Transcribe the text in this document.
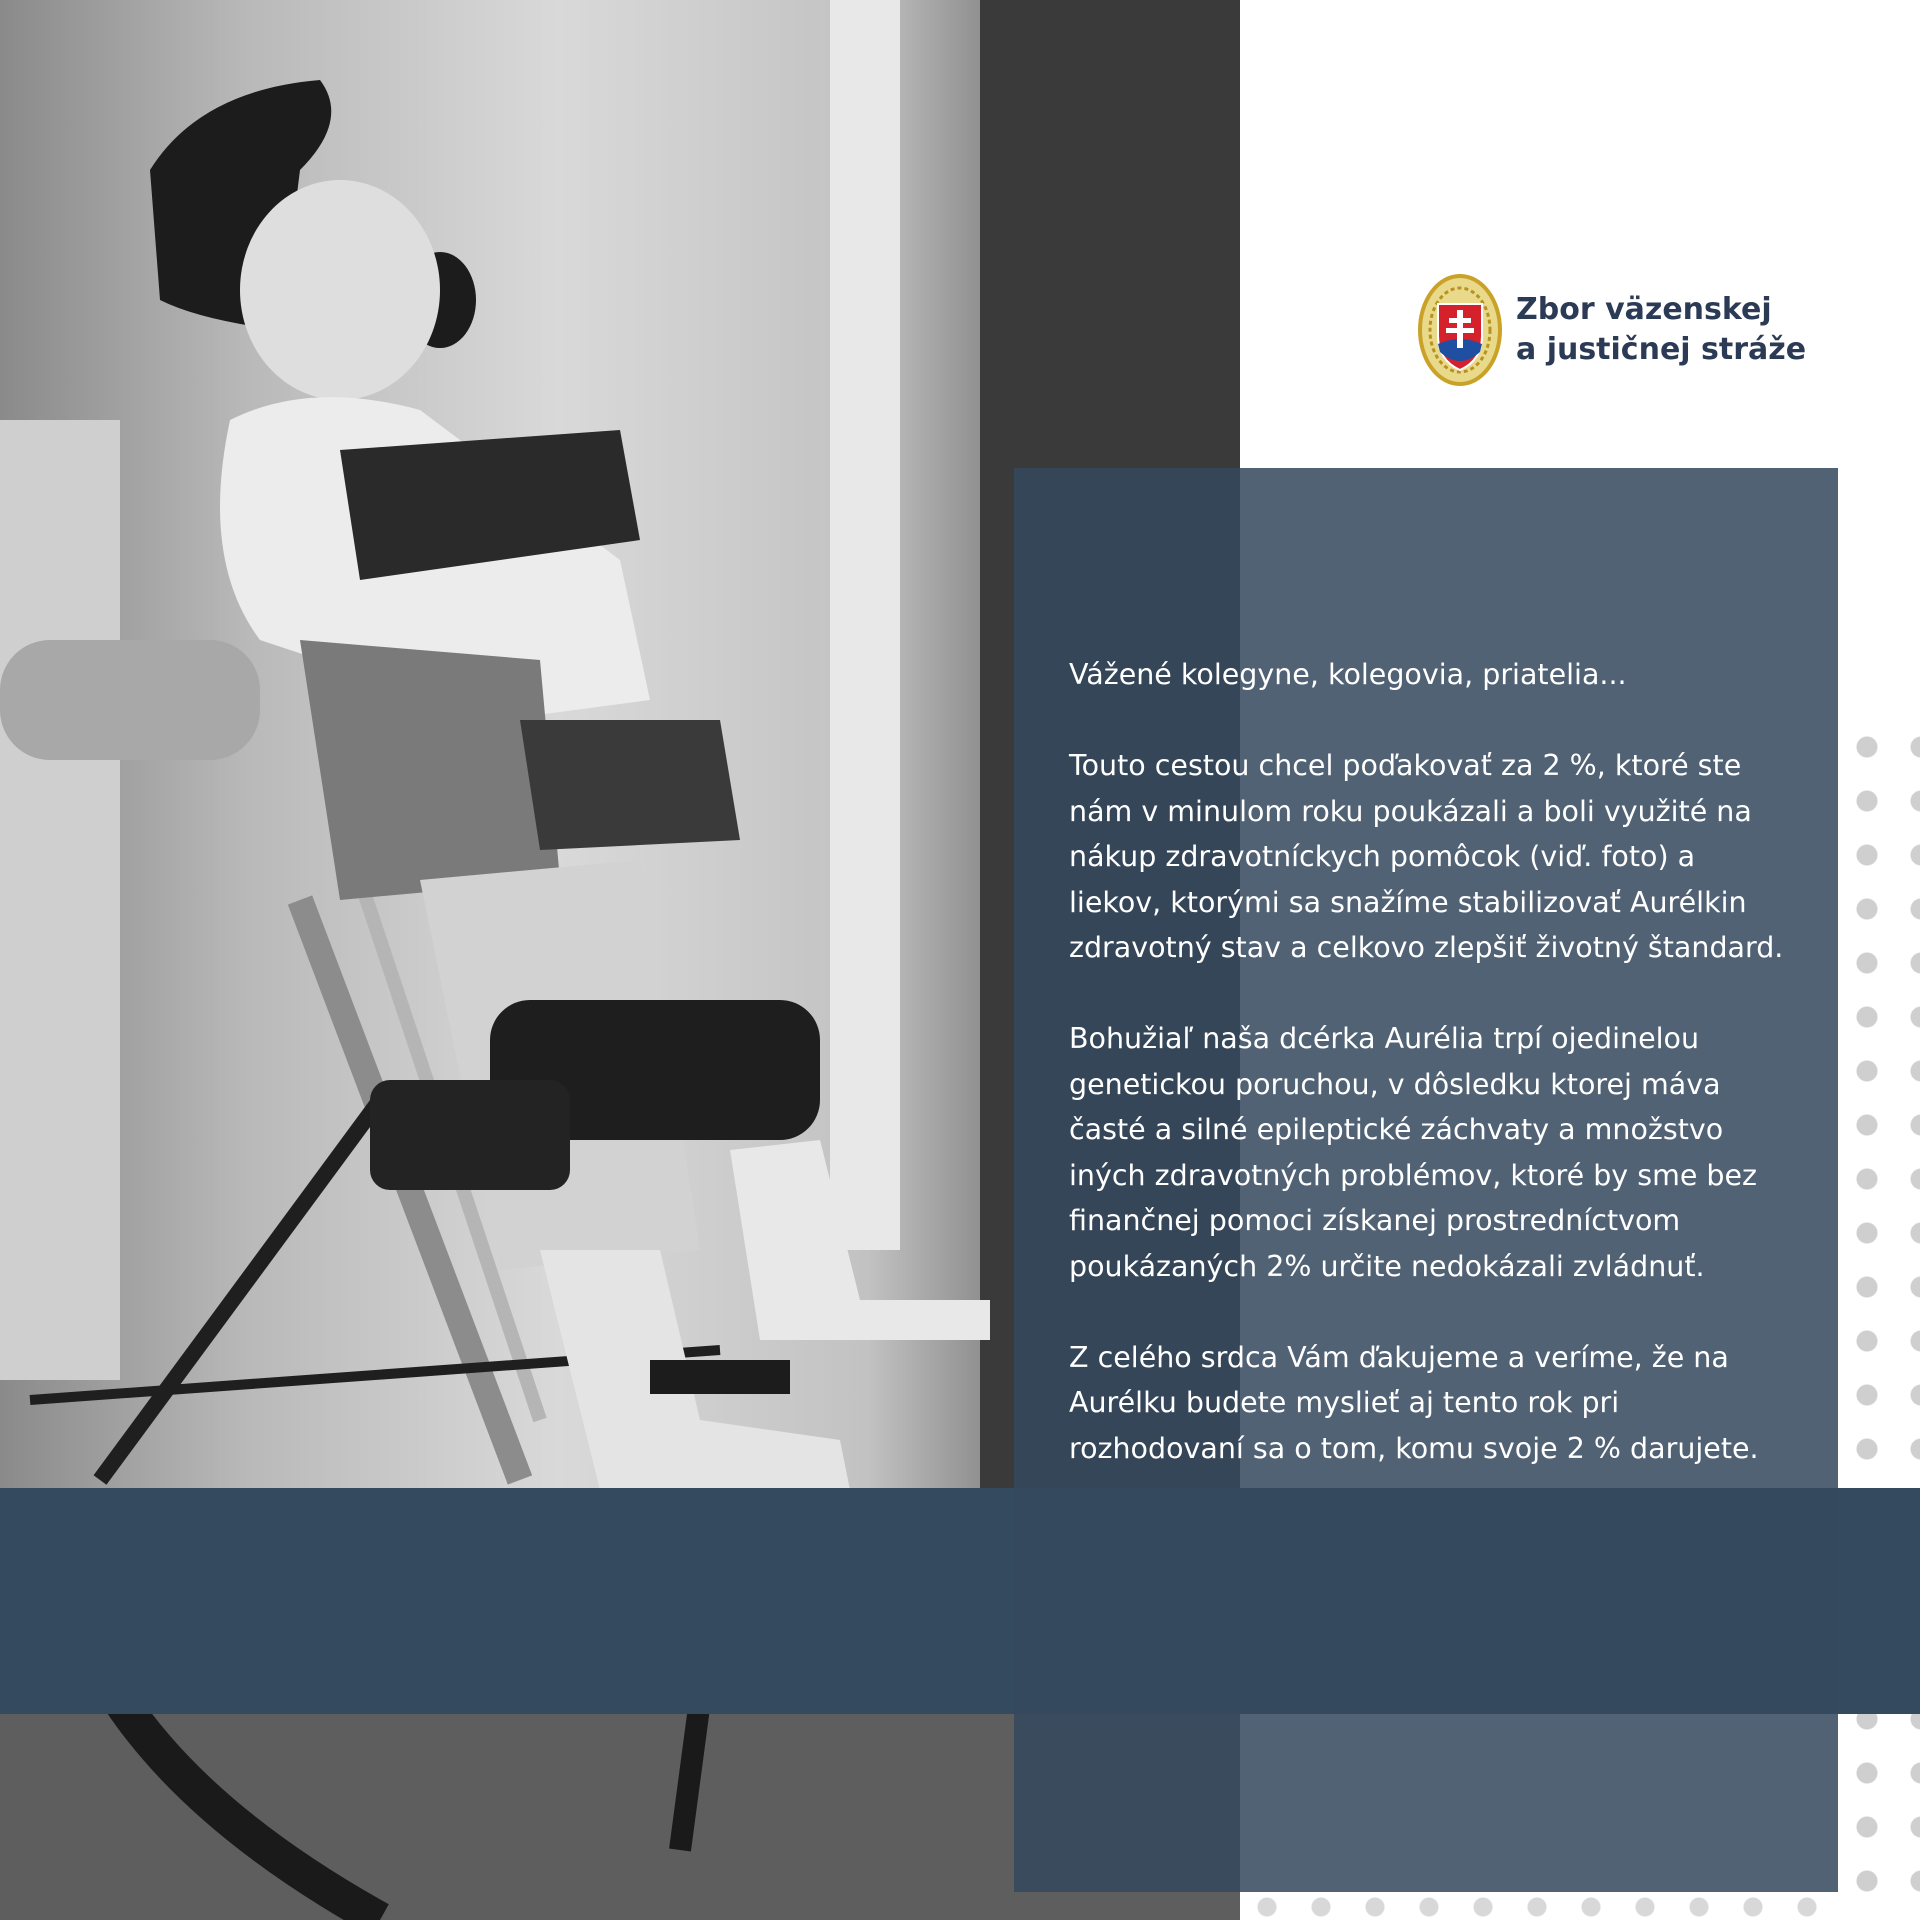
Zbor väzenskej
a justičnej stráže

Vážené kolegyne, kolegovia, priatelia...

Touto cestou chcel poďakovať za 2 %, ktoré ste
nám v minulom roku poukázali a boli využité na
nákup zdravotníckych pomôcok (viď. foto) a
liekov, ktorými sa snažíme stabilizovať Aurélkin
zdravotný stav a celkovo zlepšiť životný štandard.

Bohužiaľ naša dcérka Aurélia trpí ojedinelou
genetickou poruchou, v dôsledku ktorej máva
časté a silné epileptické záchvaty a množstvo
iných zdravotných problémov, ktoré by sme bez
finančnej pomoci získanej prostredníctvom
poukázaných 2% určite nedokázali zvládnuť.

Z celého srdca Vám ďakujeme a veríme, že na
Aurélku budete myslieť aj tento rok pri
rozhodovaní sa o tom, komu svoje 2 % darujete.
